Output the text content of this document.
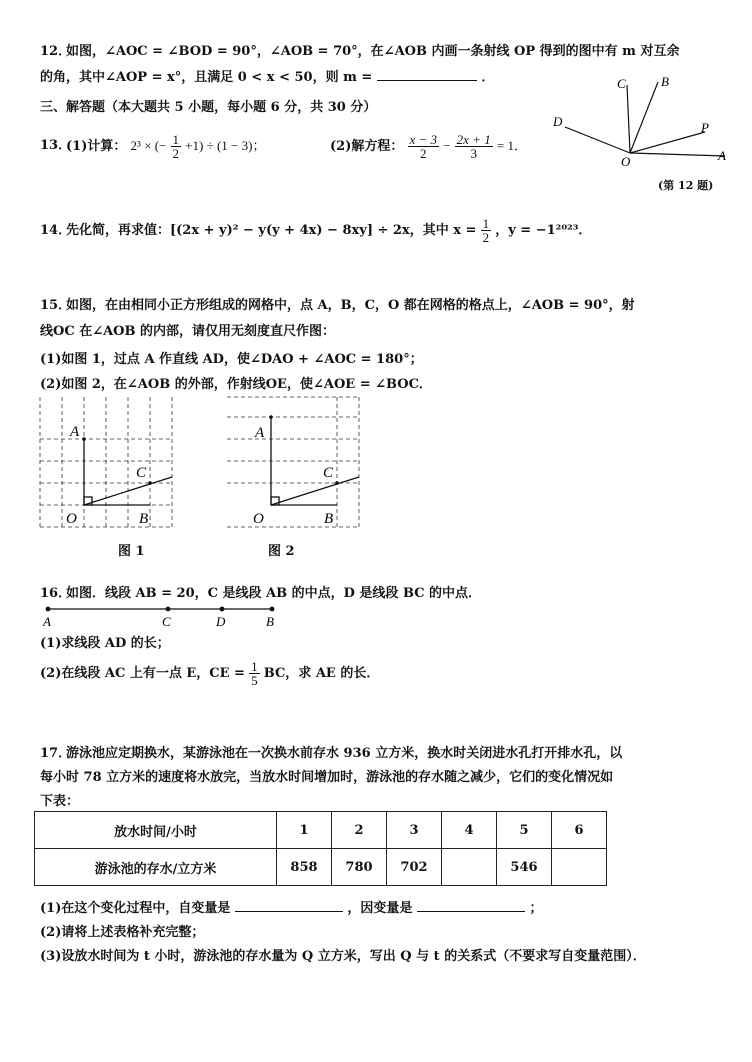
12．
如图，∠AOC = ∠BOD = 90°，∠AOB = 70°，在∠AOB 内画一条射线 OP 得到的图中有 m 对互余
的角，其中∠AOP = x°，且满足 0 < x < 50，则 m =	．	C	B
D	P
O	A
(第 12 题)
三、解答题（本大题共 5 小题，每小题 6 分，共 30 分）
13．
(1)计算： 2³ × (− $\frac{1}{2} +1) \div (1 - 3)$；	(2)解方程： $\frac{x - 3}{2} - \frac{2x + 1}{3} = 1$．
14．
先化简，再求值：[(2x + y)² − y(y + 4x) − 8xy] ÷ 2x，其中 $x = \frac{1}{2}$ ，y = −1²⁰²³．
15．
如图，在由相同小正方形组成的网格中，点 A，B，C，O 都在网格的格点上，∠AOB = 90°，射
线OC 在∠AOB 的内部，请仅用无刻度直尺作图：
(1)如图 1，过点 A 作直线 AD，使∠DAO + ∠AOC = 180°；
(2)如图 2，在∠AOB 的外部，作射线OE，使∠AOE = ∠BOC．
A
C
O	B
图 1
A
C
O	B
图 2
16．
如图．线段 AB = 20，C 是线段 AB 的中点，D 是线段 BC 的中点．
A	C	D	B
(1)求线段 AD 的长；
(2)在线段 AC 上有一点 E，CE = $\frac{1}{5}$ BC，求 AE 的长．
17．
游泳池应定期换水，某游泳池在一次换水前存水 936 立方米，换水时关闭进水孔打开排水孔，以
每小时 78 立方米的速度将水放完，当放水时间增加时，游泳池的存水随之减少，它们的变化情况如
下表：
放水时间/小时	1	2	3	4	5	6
游泳池的存水/立方米	858	780	702		546	
(1)在这个变化过程中，自变量是	，因变量是	；
(2)请将上述表格补充完整；
(3)设放水时间为 t 小时，游泳池的存水量为 Q 立方米，写出 Q 与 t 的关系式（不要求写自变量范围）．
